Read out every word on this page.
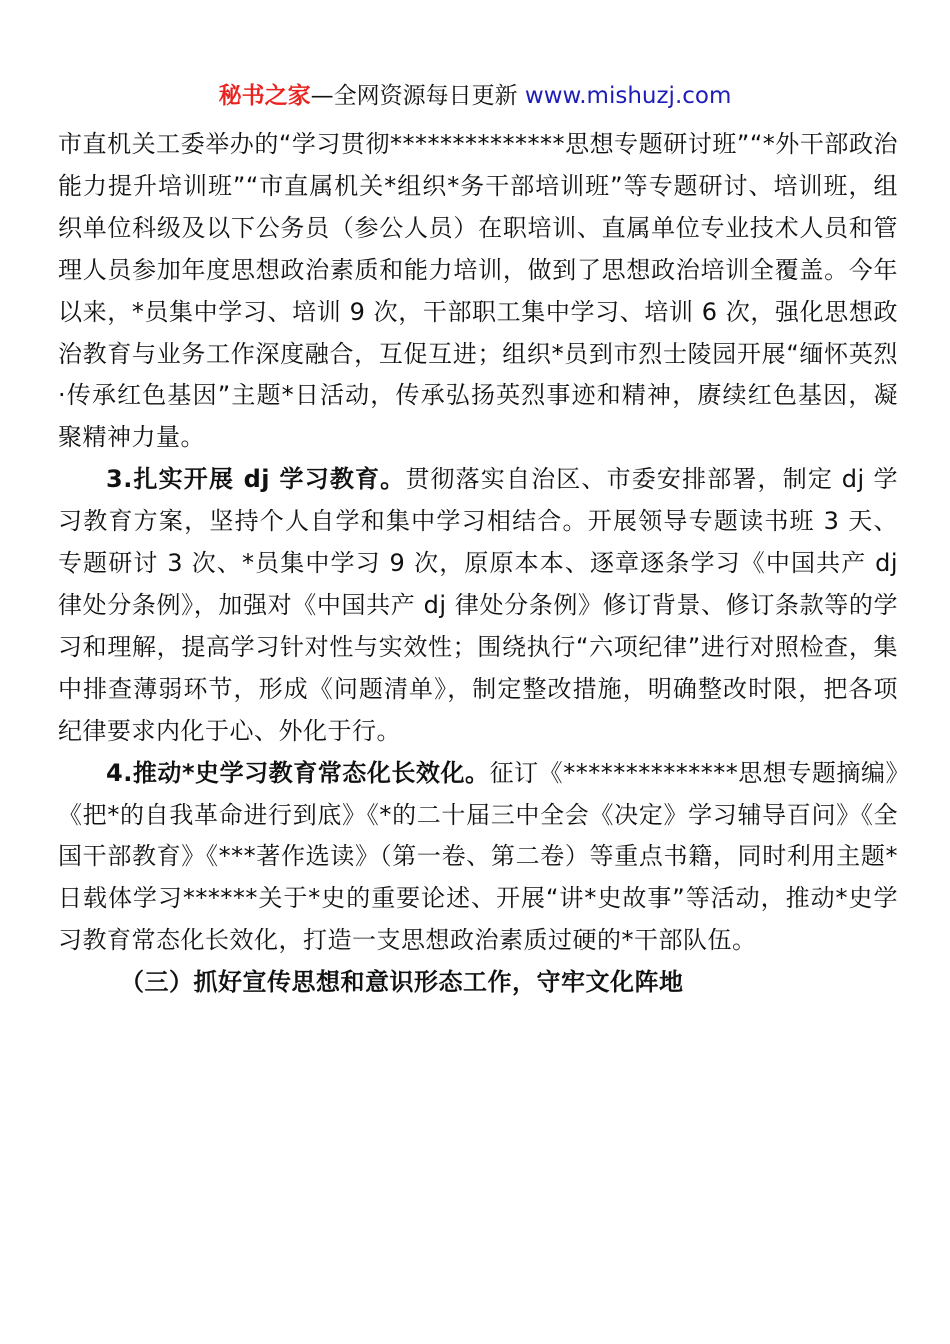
秘书之家—全网资源每日更新 www.mishuzj.com

市直机关工委举办的“学习贯彻**************思想专题研讨班”“*外干部政治能力提升培训班”“市直属机关*组织*务干部培训班”等专题研讨、培训班，组织单位科级及以下公务员（参公人员）在职培训、直属单位专业技术人员和管理人员参加年度思想政治素质和能力培训，做到了思想政治培训全覆盖。今年以来，*员集中学习、培训 9 次，干部职工集中学习、培训 6 次，强化思想政治教育与业务工作深度融合，互促互进；组织*员到市烈士陵园开展“缅怀英烈·传承红色基因”主题*日活动，传承弘扬英烈事迹和精神，赓续红色基因，凝聚精神力量。

3.扎实开展 dj 学习教育。贯彻落实自治区、市委安排部署，制定 dj 学习教育方案，坚持个人自学和集中学习相结合。开展领导专题读书班 3 天、专题研讨 3 次、*员集中学习 9 次，原原本本、逐章逐条学习《中国共产 dj 律处分条例》，加强对《中国共产 dj 律处分条例》修订背景、修订条款等的学习和理解，提高学习针对性与实效性；围绕执行“六项纪律”进行对照检查，集中排查薄弱环节，形成《问题清单》，制定整改措施，明确整改时限，把各项纪律要求内化于心、外化于行。

4.推动*史学习教育常态化长效化。征订《**************思想专题摘编》《把*的自我革命进行到底》《*的二十届三中全会《决定》学习辅导百问》《全国干部教育》《***著作选读》（第一卷、第二卷）等重点书籍，同时利用主题*日载体学习******关于*史的重要论述、开展“讲*史故事”等活动，推动*史学习教育常态化长效化，打造一支思想政治素质过硬的*干部队伍。

（三）抓好宣传思想和意识形态工作，守牢文化阵地
